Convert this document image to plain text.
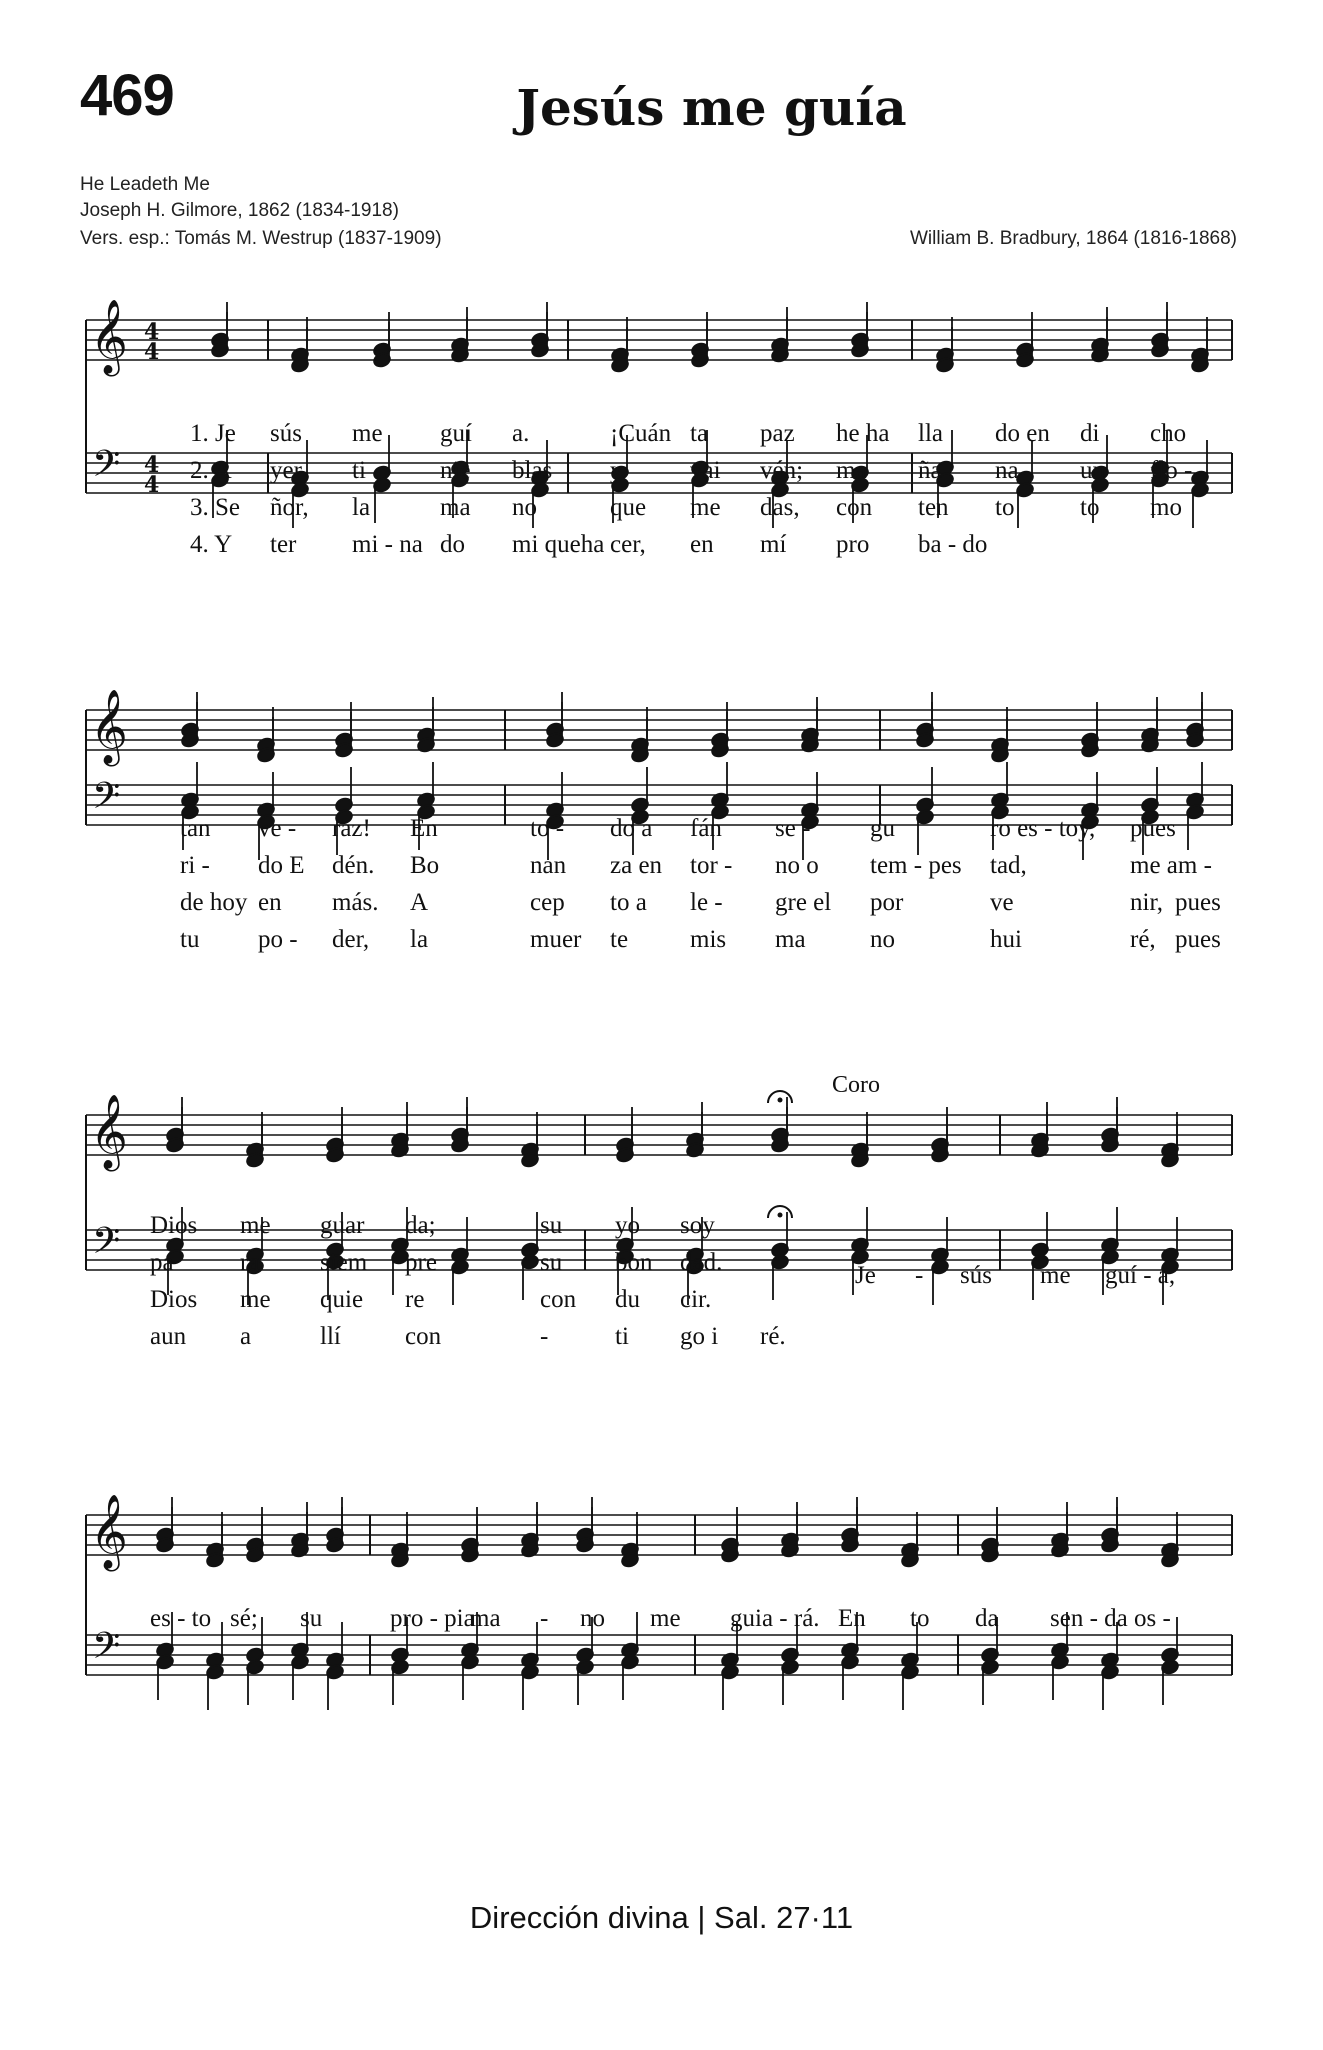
469	Jesús me guía
He Leadeth Me
Joseph H. Gilmore, 1862 (1834-1918)
Vers. esp.: Tomás M. Westrup (1837-1909)	William B. Bradbury, 1864 (1816-1868)
𝄞
𝄢
4
4
4
4
𝄞
𝄢
𝄞
𝄢
𝄞
𝄢
1. Je sús me guí a.	¡Cuán ta paz he ha lla do en di cho
2. A yer ti	nie blas y	vai vén; ma ña na un flo -
3. Se ñor, la	ma no	que me das, con ten to	to mo
4. Y ter mi - na do mi queha cer, en mí pro ba - do
tan ve - raz! En	to - do a fán se - gu	ro es - toy, pues
ri - do E dén. Bo	nan za en tor - no o tem - pes tad,	me am -
de hoy en más. A	cep to a le - gre el por	ve	nir, pues
tu po - der, la	muer te mis ma	no	hui	ré, pues
Dios me guar da;	su yo soy
pa	ra siem pre	su bon dad.
Dios me quie re	con du cir.
aun a	llí	con	-	ti go i ré.
Je - sús me guí - a,
es - to sé; su	pro - pia
ma - no me guia - rá. En to da sen - da os -
Coro
Dirección divina | Sal. 27·11
